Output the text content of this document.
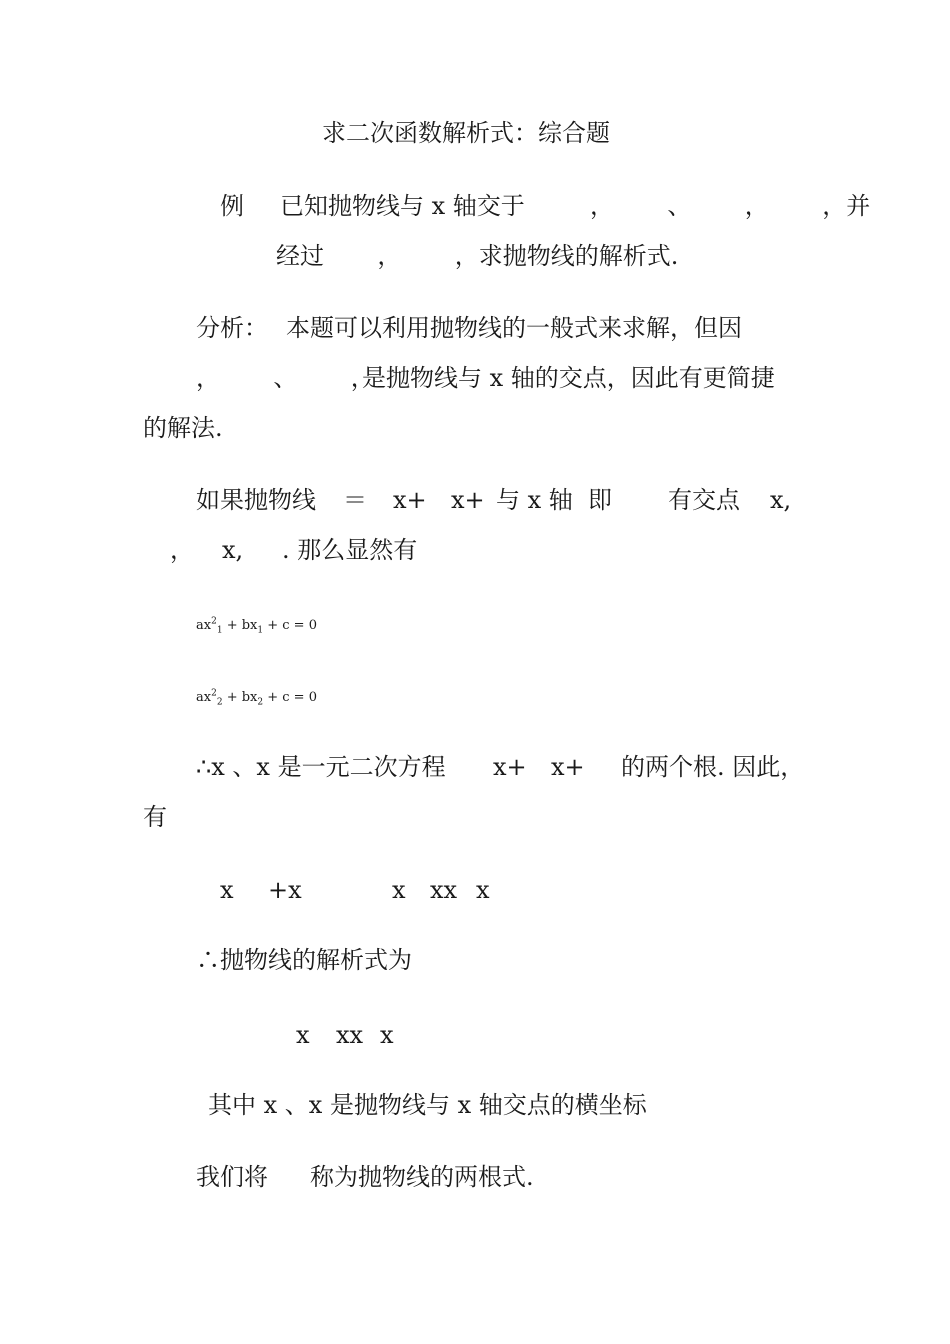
求二次函数解析式：综合题
例 已知抛物线与 x 轴交于	，       、       ，       ，并
经过       ，       ，求抛物线的解析式.
分析： 本题可以利用抛物线的一般式来求解，但因
，       、       ，
是抛物线与 x 轴的交点，因此有更简捷
的解法.
如果抛物线 ＝ x+ x+ 与 x 轴  即 有交点 x,
， x, . 那么显然有
$ax^2_1 + bx_1 + c = 0$
$ax^2_2 + bx_2 + c = 0$
∴x 、x 是一元二次方程 x+ x+ 的两个根. 因此，
有
x +x	x xx x
∴抛物线的解析式为
x xx x
其中 x 、x 是抛物线与 x 轴交点的横坐标
我们将 称为抛物线的两根式.
